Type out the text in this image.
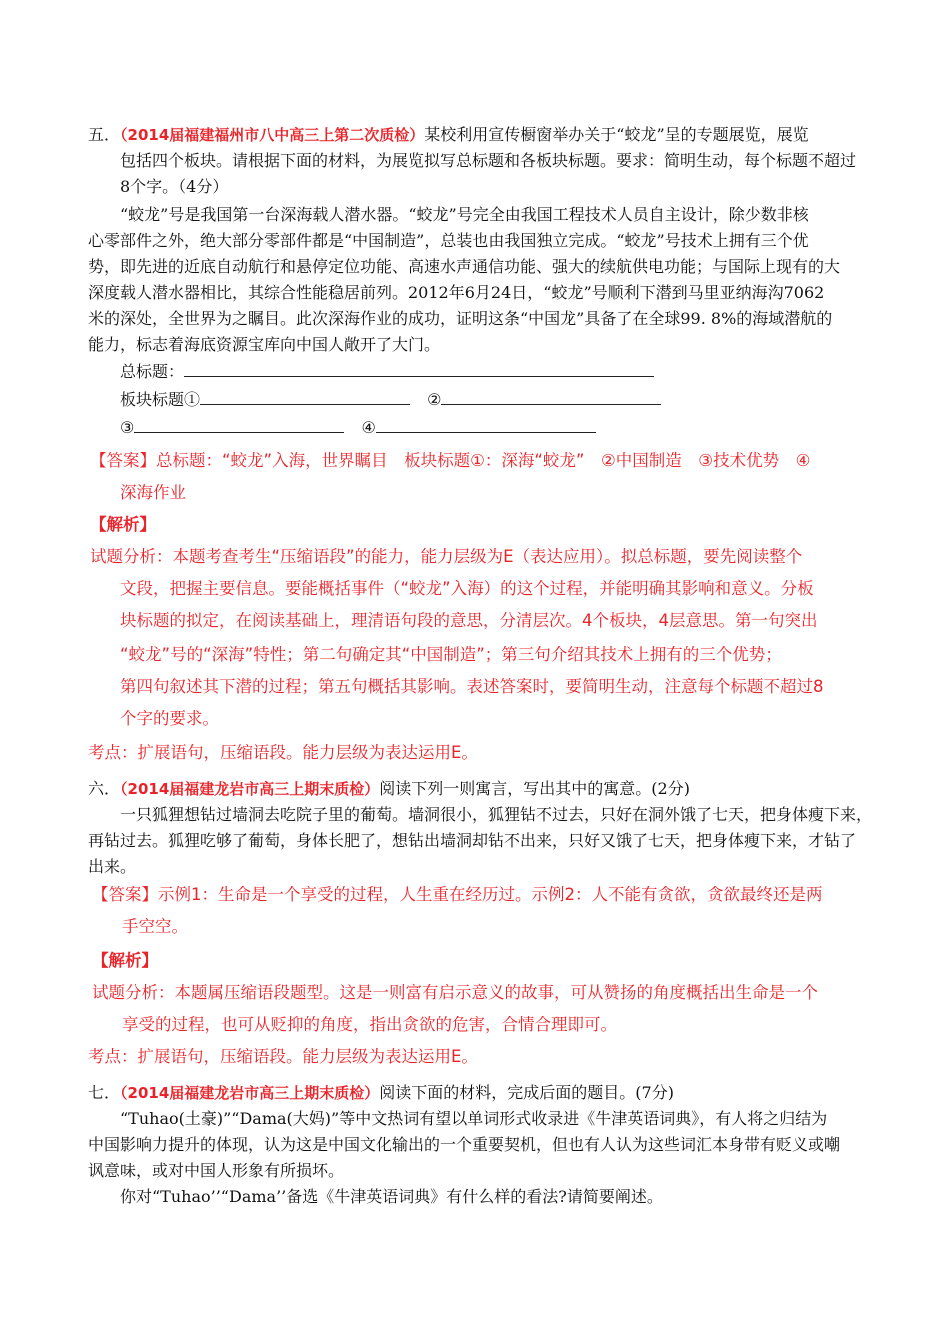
五．（2014届福建福州市八中高三上第二次质检）某校利用宣传橱窗举办关于“蛟龙”呈的专题展览，展览
包括四个板块。请根据下面的材料，为展览拟写总标题和各板块标题。要求：简明生动，每个标题不超过
8个字。（4分）
“蛟龙”号是我国第一台深海载人潜水器。“蛟龙”号完全由我国工程技术人员自主设计，除少数非核
心零部件之外，绝大部分零部件都是“中国制造”，总装也由我国独立完成。“蛟龙”号技术上拥有三个优
势，即先进的近底自动航行和悬停定位功能、高速水声通信功能、强大的续航供电功能；与国际上现有的大
深度载人潜水器相比，其综合性能稳居前列。2012年6月24日，“蛟龙”号顺利下潜到马里亚纳海沟7062
米的深处，全世界为之瞩目。此次深海作业的成功，证明这条“中国龙”具备了在全球99. 8%的海域潜航的
能力，标志着海底资源宝库向中国人敞开了大门。
总标题：
板块标题①	②
③	④
【答案】总标题：“蛟龙”入海，世界瞩目　板块标题①：深海“蛟龙”　②中国制造　③技术优势　④
深海作业
【解析】
试题分析：本题考查考生“压缩语段”的能力，能力层级为E（表达应用）。拟总标题，要先阅读整个
文段，把握主要信息。要能概括事件（“蛟龙”入海）的这个过程，并能明确其影响和意义。分板
块标题的拟定，在阅读基础上，理清语句段的意思，分清层次。4个板块，4层意思。第一句突出
“蛟龙”号的“深海”特性；第二句确定其“中国制造”；第三句介绍其技术上拥有的三个优势；
第四句叙述其下潜的过程；第五句概括其影响。表述答案时，要简明生动，注意每个标题不超过8
个字的要求。
考点：扩展语句，压缩语段。能力层级为表达运用E。
六．（2014届福建龙岩市高三上期末质检）阅读下列一则寓言，写出其中的寓意。(2分)
一只狐狸想钻过墙洞去吃院子里的葡萄。墙洞很小，狐狸钻不过去，只好在洞外饿了七天，把身体瘦下来，
再钻过去。狐狸吃够了葡萄，身体长肥了，想钻出墙洞却钻不出来，只好又饿了七天，把身体瘦下来，才钻了
出来。
【答案】示例1：生命是一个享受的过程，人生重在经历过。示例2：人不能有贪欲，贪欲最终还是两
手空空。
【解析】
试题分析：本题属压缩语段题型。这是一则富有启示意义的故事，可从赞扬的角度概括出生命是一个
享受的过程，也可从贬抑的角度，指出贪欲的危害，合情合理即可。
考点：扩展语句，压缩语段。能力层级为表达运用E。
七．（2014届福建龙岩市高三上期末质检）阅读下面的材料，完成后面的题目。(7分)
“Tuhao(土豪)”“Dama(大妈)”等中文热词有望以单词形式收录进《牛津英语词典》，有人将之归结为
中国影响力提升的体现，认为这是中国文化输出的一个重要契机，但也有人认为这些词汇本身带有贬义或嘲
讽意味，或对中国人形象有所损坏。
你对“Tuhao’’“Dama’’备选《牛津英语词典》有什么样的看法?请简要阐述。
